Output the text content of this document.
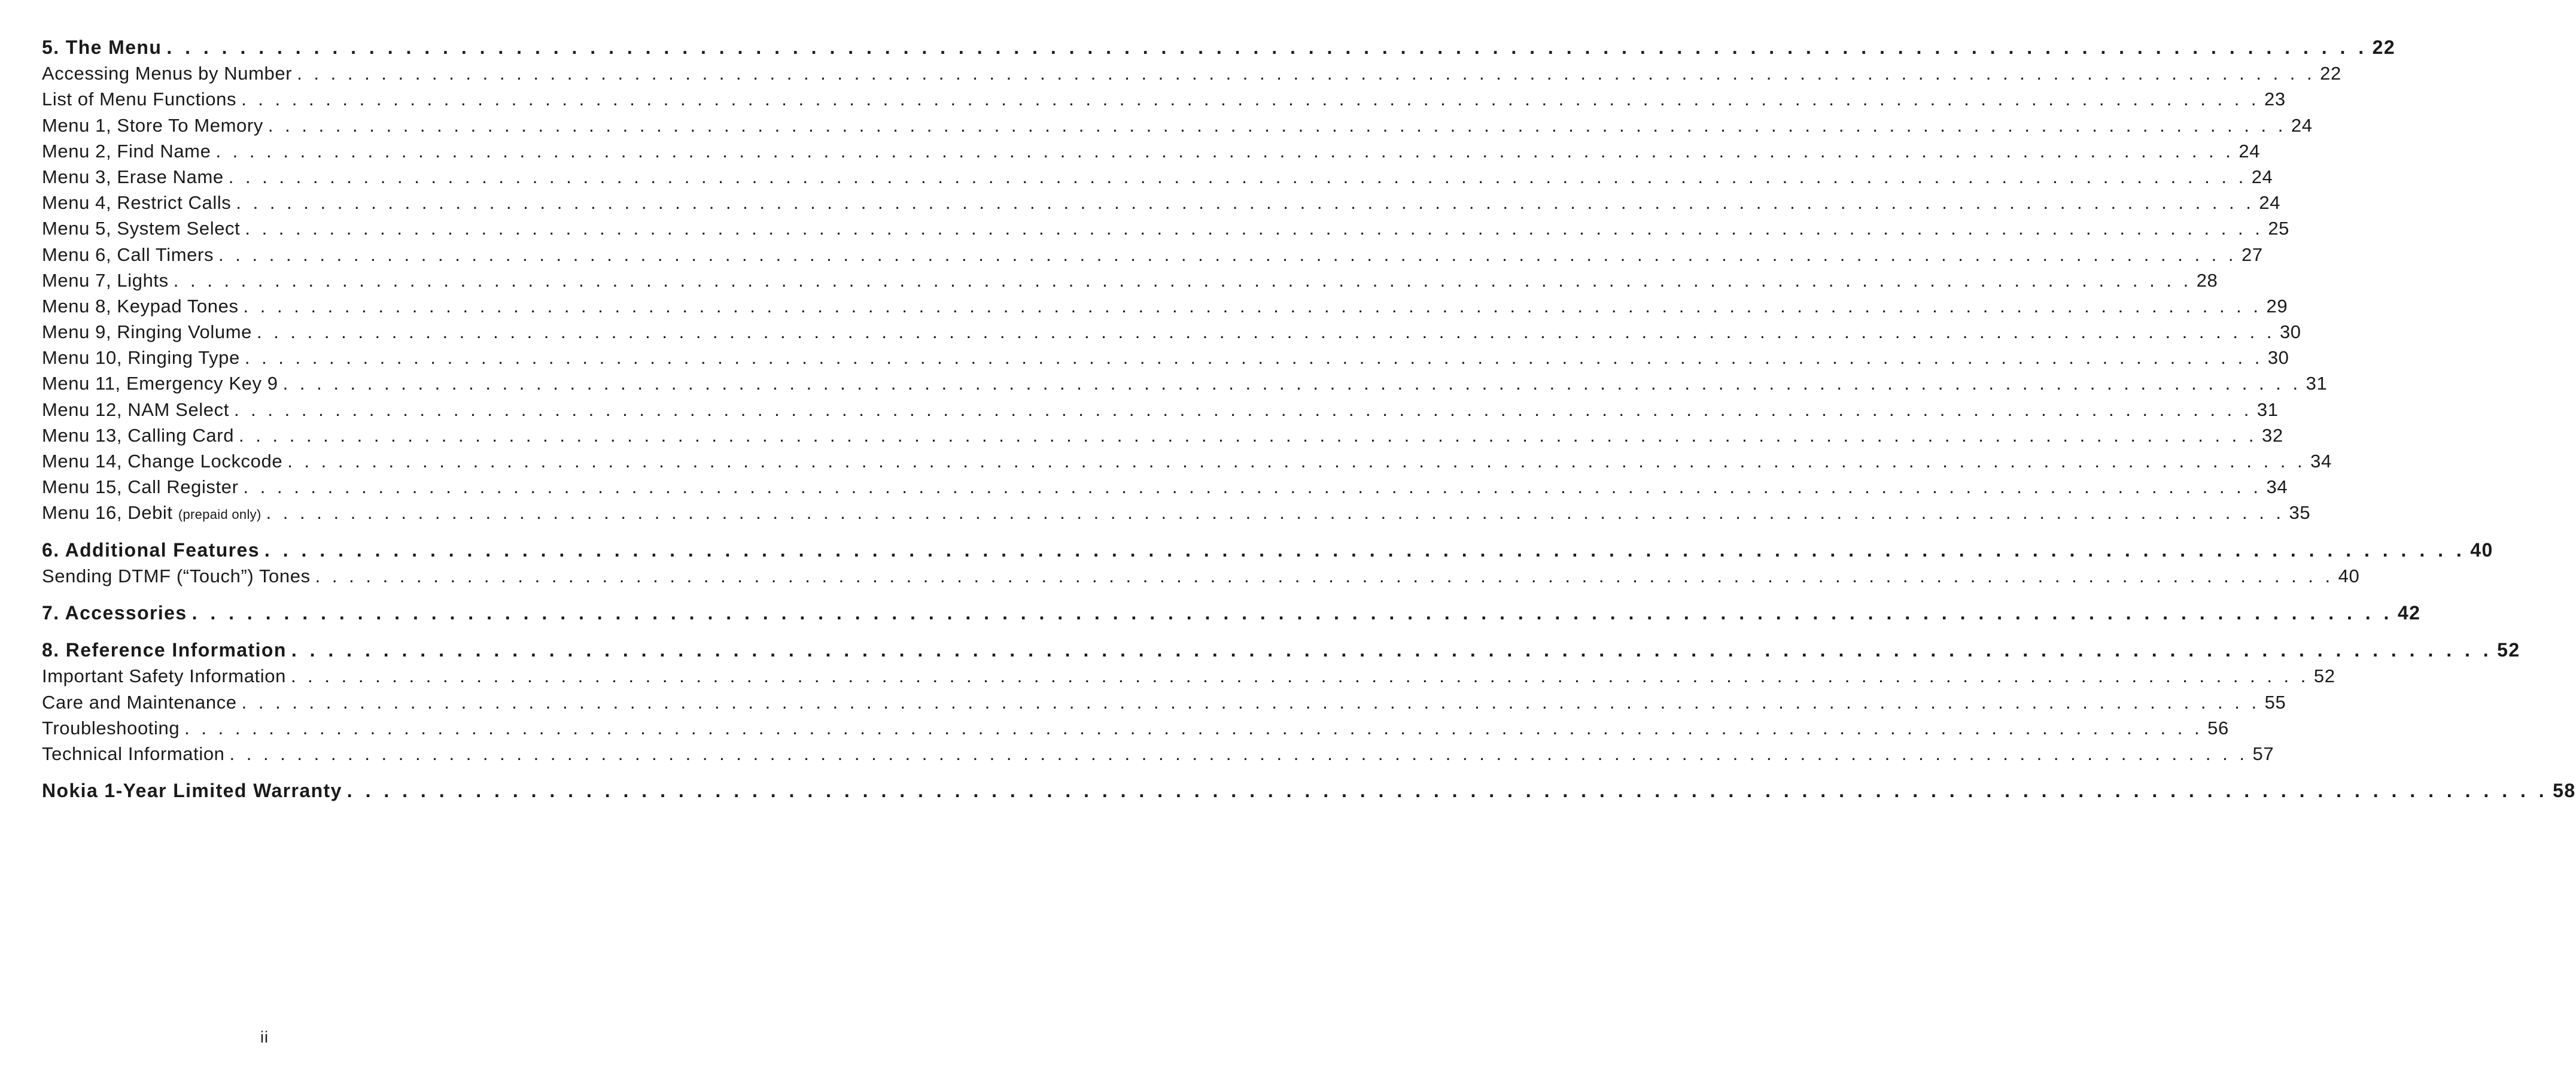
5. The Menu . . . . . . . . . . . . . . . . . . . . . . . . . . . . . . . . . . . . . . . . . . . . . . . . . . . . . . . . . . . . . . . . . . . . . . . . . . . . . . . . . . . . . . . . . . . . . . . . . . . . . . . . . . . . . . . . . . . . . . . . 22
Accessing Menus by Number . . . . . . . . . . . . . . . . . . . . . . . . . . . . . . . . . . . . . . . . . . . . . . . . . . . . . . . . . . . . . . . . . . . . . . . . . . . . . . . . . . . . . . . . . . . . . . . . . . . . . . . . . . . . . . . . . . . . . . . . 22
List of Menu Functions . . . . . . . . . . . . . . . . . . . . . . . . . . . . . . . . . . . . . . . . . . . . . . . . . . . . . . . . . . . . . . . . . . . . . . . . . . . . . . . . . . . . . . . . . . . . . . . . . . . . . . . . . . . . . . . . . . . . . . . . 23
Menu 1, Store To Memory . . . . . . . . . . . . . . . . . . . . . . . . . . . . . . . . . . . . . . . . . . . . . . . . . . . . . . . . . . . . . . . . . . . . . . . . . . . . . . . . . . . . . . . . . . . . . . . . . . . . . . . . . . . . . . . . . . . . . . . . 24
Menu 2, Find Name . . . . . . . . . . . . . . . . . . . . . . . . . . . . . . . . . . . . . . . . . . . . . . . . . . . . . . . . . . . . . . . . . . . . . . . . . . . . . . . . . . . . . . . . . . . . . . . . . . . . . . . . . . . . . . . . . . . . . . . . 24
Menu 3, Erase Name . . . . . . . . . . . . . . . . . . . . . . . . . . . . . . . . . . . . . . . . . . . . . . . . . . . . . . . . . . . . . . . . . . . . . . . . . . . . . . . . . . . . . . . . . . . . . . . . . . . . . . . . . . . . . . . . . . . . . . . . 24
Menu 4, Restrict Calls . . . . . . . . . . . . . . . . . . . . . . . . . . . . . . . . . . . . . . . . . . . . . . . . . . . . . . . . . . . . . . . . . . . . . . . . . . . . . . . . . . . . . . . . . . . . . . . . . . . . . . . . . . . . . . . . . . . . . . . . 24
Menu 5, System Select . . . . . . . . . . . . . . . . . . . . . . . . . . . . . . . . . . . . . . . . . . . . . . . . . . . . . . . . . . . . . . . . . . . . . . . . . . . . . . . . . . . . . . . . . . . . . . . . . . . . . . . . . . . . . . . . . . . . . . . . 25
Menu 6, Call Timers . . . . . . . . . . . . . . . . . . . . . . . . . . . . . . . . . . . . . . . . . . . . . . . . . . . . . . . . . . . . . . . . . . . . . . . . . . . . . . . . . . . . . . . . . . . . . . . . . . . . . . . . . . . . . . . . . . . . . . . . 27
Menu 7, Lights . . . . . . . . . . . . . . . . . . . . . . . . . . . . . . . . . . . . . . . . . . . . . . . . . . . . . . . . . . . . . . . . . . . . . . . . . . . . . . . . . . . . . . . . . . . . . . . . . . . . . . . . . . . . . . . . . . . . . . . . 28
Menu 8, Keypad Tones . . . . . . . . . . . . . . . . . . . . . . . . . . . . . . . . . . . . . . . . . . . . . . . . . . . . . . . . . . . . . . . . . . . . . . . . . . . . . . . . . . . . . . . . . . . . . . . . . . . . . . . . . . . . . . . . . . . . . . . . 29
Menu 9, Ringing Volume . . . . . . . . . . . . . . . . . . . . . . . . . . . . . . . . . . . . . . . . . . . . . . . . . . . . . . . . . . . . . . . . . . . . . . . . . . . . . . . . . . . . . . . . . . . . . . . . . . . . . . . . . . . . . . . . . . . . . . . . 30
Menu 10, Ringing Type . . . . . . . . . . . . . . . . . . . . . . . . . . . . . . . . . . . . . . . . . . . . . . . . . . . . . . . . . . . . . . . . . . . . . . . . . . . . . . . . . . . . . . . . . . . . . . . . . . . . . . . . . . . . . . . . . . . . . . . . 30
Menu 11, Emergency Key 9 . . . . . . . . . . . . . . . . . . . . . . . . . . . . . . . . . . . . . . . . . . . . . . . . . . . . . . . . . . . . . . . . . . . . . . . . . . . . . . . . . . . . . . . . . . . . . . . . . . . . . . . . . . . . . . . . . . . . . . . . 31
Menu 12, NAM Select . . . . . . . . . . . . . . . . . . . . . . . . . . . . . . . . . . . . . . . . . . . . . . . . . . . . . . . . . . . . . . . . . . . . . . . . . . . . . . . . . . . . . . . . . . . . . . . . . . . . . . . . . . . . . . . . . . . . . . . . 31
Menu 13, Calling Card . . . . . . . . . . . . . . . . . . . . . . . . . . . . . . . . . . . . . . . . . . . . . . . . . . . . . . . . . . . . . . . . . . . . . . . . . . . . . . . . . . . . . . . . . . . . . . . . . . . . . . . . . . . . . . . . . . . . . . . . 32
Menu 14, Change Lockcode . . . . . . . . . . . . . . . . . . . . . . . . . . . . . . . . . . . . . . . . . . . . . . . . . . . . . . . . . . . . . . . . . . . . . . . . . . . . . . . . . . . . . . . . . . . . . . . . . . . . . . . . . . . . . . . . . . . . . . . . 34
Menu 15, Call Register . . . . . . . . . . . . . . . . . . . . . . . . . . . . . . . . . . . . . . . . . . . . . . . . . . . . . . . . . . . . . . . . . . . . . . . . . . . . . . . . . . . . . . . . . . . . . . . . . . . . . . . . . . . . . . . . . . . . . . . . 34
Menu 16, Debit (prepaid only) . . . . . . . . . . . . . . . . . . . . . . . . . . . . . . . . . . . . . . . . . . . . . . . . . . . . . . . . . . . . . . . . . . . . . . . . . . . . . . . . . . . . . . . . . . . . . . . . . . . . . . . . . . . . . . . . . . . . . . . . 35
6. Additional Features . . . . . . . . . . . . . . . . . . . . . . . . . . . . . . . . . . . . . . . . . . . . . . . . . . . . . . . . . . . . . . . . . . . . . . . . . . . . . . . . . . . . . . . . . . . . . . . . . . . . . . . . . . . . . . . . . . . . . . . . 40
Sending DTMF (“Touch”) Tones . . . . . . . . . . . . . . . . . . . . . . . . . . . . . . . . . . . . . . . . . . . . . . . . . . . . . . . . . . . . . . . . . . . . . . . . . . . . . . . . . . . . . . . . . . . . . . . . . . . . . . . . . . . . . . . . . . . . . . . . 40
7. Accessories . . . . . . . . . . . . . . . . . . . . . . . . . . . . . . . . . . . . . . . . . . . . . . . . . . . . . . . . . . . . . . . . . . . . . . . . . . . . . . . . . . . . . . . . . . . . . . . . . . . . . . . . . . . . . . . . . . . . . . . . 42
8. Reference Information . . . . . . . . . . . . . . . . . . . . . . . . . . . . . . . . . . . . . . . . . . . . . . . . . . . . . . . . . . . . . . . . . . . . . . . . . . . . . . . . . . . . . . . . . . . . . . . . . . . . . . . . . . . . . . . . . . . . . . . . 52
Important Safety Information . . . . . . . . . . . . . . . . . . . . . . . . . . . . . . . . . . . . . . . . . . . . . . . . . . . . . . . . . . . . . . . . . . . . . . . . . . . . . . . . . . . . . . . . . . . . . . . . . . . . . . . . . . . . . . . . . . . . . . . . 52
Care and Maintenance . . . . . . . . . . . . . . . . . . . . . . . . . . . . . . . . . . . . . . . . . . . . . . . . . . . . . . . . . . . . . . . . . . . . . . . . . . . . . . . . . . . . . . . . . . . . . . . . . . . . . . . . . . . . . . . . . . . . . . . . 55
Troubleshooting . . . . . . . . . . . . . . . . . . . . . . . . . . . . . . . . . . . . . . . . . . . . . . . . . . . . . . . . . . . . . . . . . . . . . . . . . . . . . . . . . . . . . . . . . . . . . . . . . . . . . . . . . . . . . . . . . . . . . . . . 56
Technical Information . . . . . . . . . . . . . . . . . . . . . . . . . . . . . . . . . . . . . . . . . . . . . . . . . . . . . . . . . . . . . . . . . . . . . . . . . . . . . . . . . . . . . . . . . . . . . . . . . . . . . . . . . . . . . . . . . . . . . . . . 57
Nokia 1-Year Limited Warranty . . . . . . . . . . . . . . . . . . . . . . . . . . . . . . . . . . . . . . . . . . . . . . . . . . . . . . . . . . . . . . . . . . . . . . . . . . . . . . . . . . . . . . . . . . . . . . . . . . . . . . . . . . . . . . . . . . . . . . . . 58
ii
